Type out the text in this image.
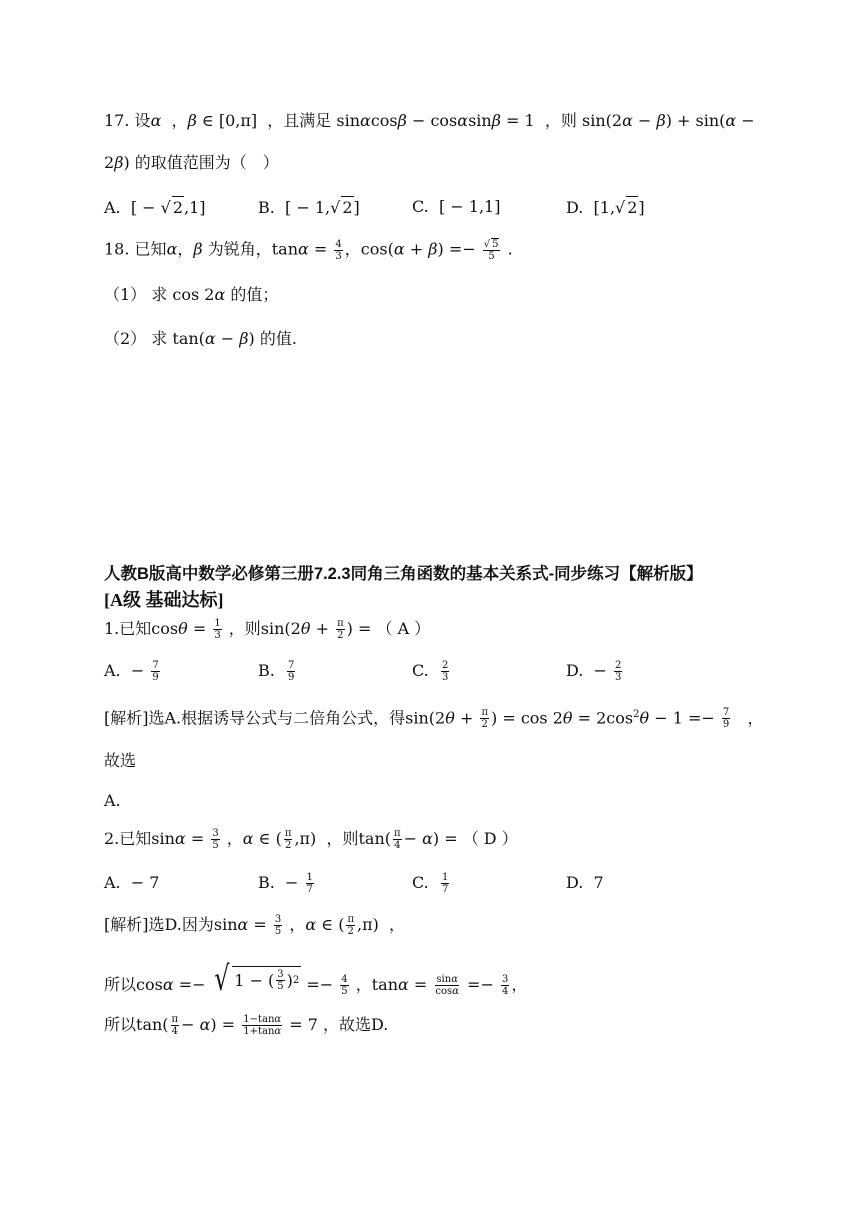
17. 设α  ，β ∈ [0,π]  ，且满足 sinαcosβ − cosαsinβ = 1  ，则 sin(2α − β) + sin(α −
2β) 的取值范围为（　）
A.  [ − √ 2,1]	B.  [ − 1,√ 2]	C.  [ − 1,1]	D.  [1,√ 2]
18. 已知α，β 为锐角，$\tan\alpha = \frac{4}{3}$ ，$\cos(\alpha + \beta) =- \frac{√ 5}{5}$ .
（1） 求 cos 2α 的值；
（2） 求 tan(α − β) 的值.
人教B版高中数学必修第三册7.2.3同角三角函数的基本关系式-同步练习【解析版】
[A级 基础达标]
1.已知$\cos\theta = \frac{1}{3}$ ，则$\sin(2\theta + \frac{\pi}{2}$ ) = （ A ）
A.  − $\frac{7}{9}$	B. $\frac{7}{9}$	C. $\frac{2}{3}$	D.  − $\frac{2}{3}$
[解析]选A.根据诱导公式与二倍角公式，得$\sin(2\theta + \frac{\pi}{2}$ ) = $\cos 2\theta = 2\cos^2\theta - 1 =- \frac{7}{9}$ ，
故选
A.
2.已知$\sin\alpha = \frac{3}{5}$ ，α ∈ ( $\frac{\pi}{2} ,\pi$)  ，则$\tan( \frac{\pi}{4} - \alpha)$ = （ D ）
A.  − 7	B.  − $\frac{1}{7}$	C. $\frac{1}{7}$	D.  7
[解析]选D.因为$\sin\alpha = \frac{3}{5}$ ，α ∈ ( $\frac{\pi}{2} ,\pi$)  ，
所以cosα =− √ 1 − ( $\frac{3}{5}$ ) $2 =- \frac{4}{5}$ ，$\tan\alpha = \frac{\sin\alpha}{\cos\alpha} =- \frac{3}{4}$ ，
所以$\tan( \frac{\pi}{4} - \alpha) = \frac{1-\tan\alpha}{1+\tan\alpha} = 7$ ，故选D.
